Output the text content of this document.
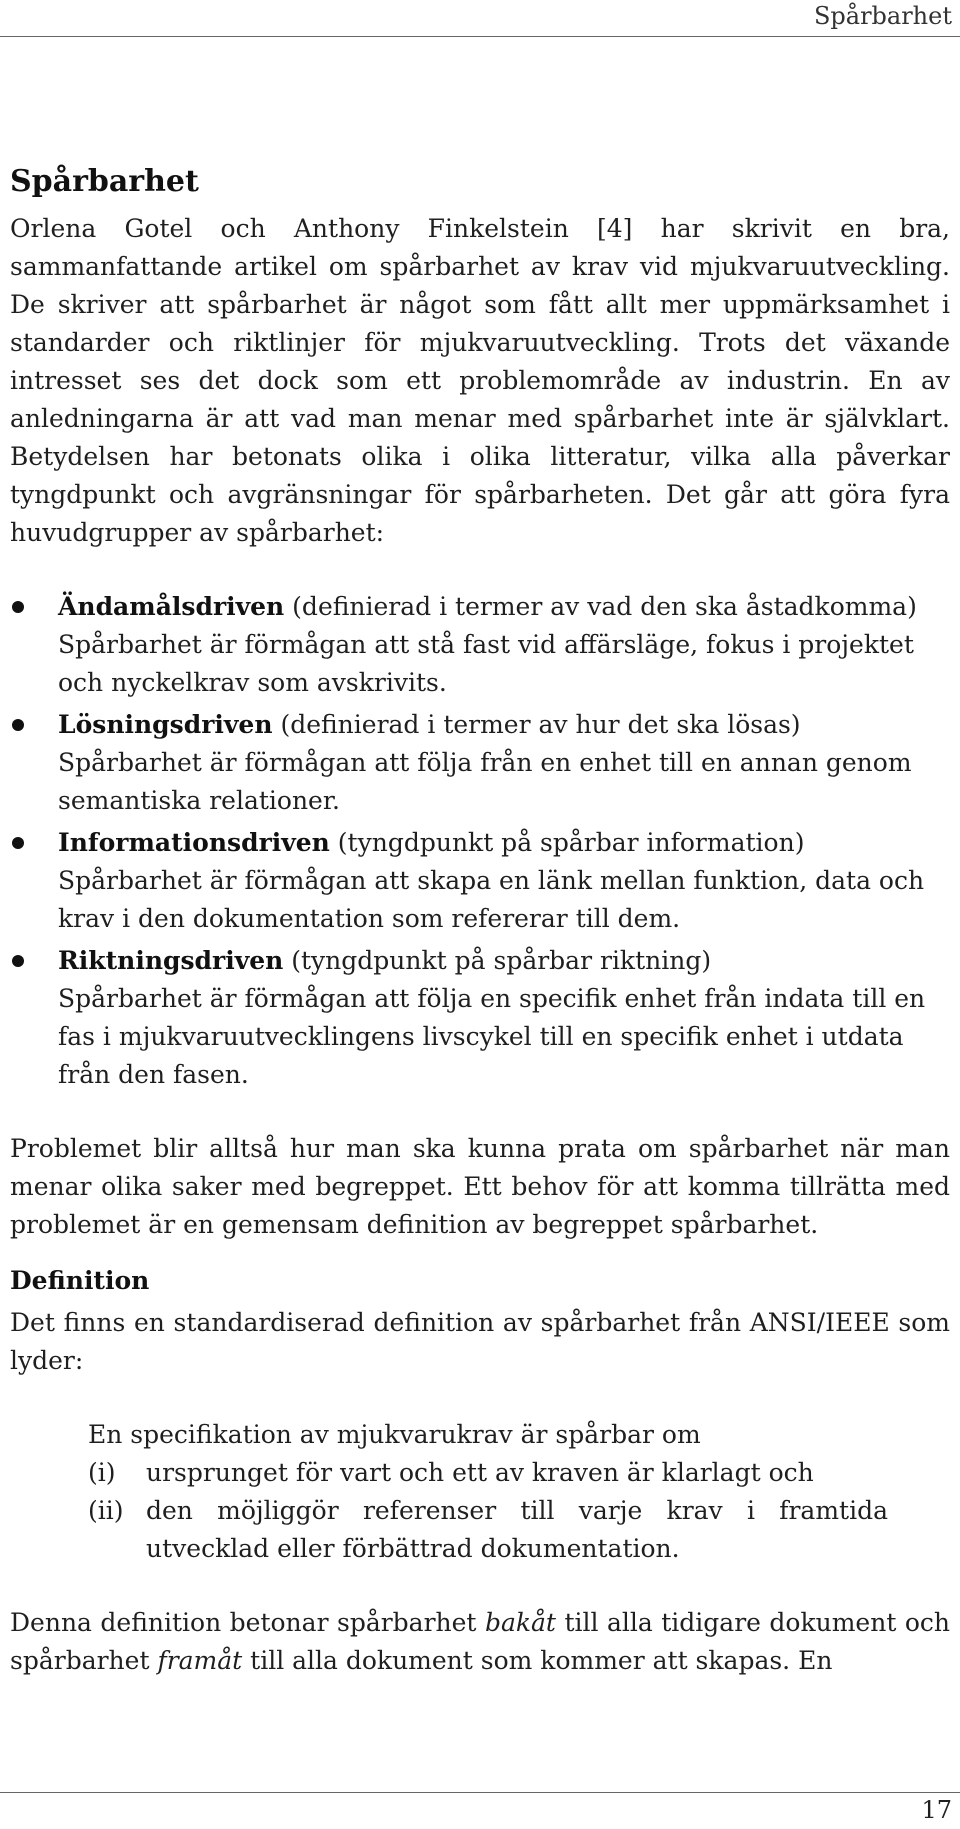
Spårbarhet
Spårbarhet

Orlena Gotel och Anthony Finkelstein [4] har skrivit en bra, sammanfattande artikel om spårbarhet av krav vid mjukvaruutveckling. De skriver att spårbarhet är något som fått allt mer uppmärksamhet i standarder och riktlinjer för mjukvaruutveckling. Trots det växande intresset ses det dock som ett problemområde av industrin. En av anledningarna är att vad man menar med spårbarhet inte är självklart. Betydelsen har betonats olika i olika litteratur, vilka alla påverkar tyngdpunkt och avgränsningar för spårbarheten. Det går att göra fyra huvudgrupper av spårbarhet:

Ändamålsdriven (definierad i termer av vad den ska åstadkomma)
Spårbarhet är förmågan att stå fast vid affärsläge, fokus i projektet och nyckelkrav som avskrivits.
Lösningsdriven (definierad i termer av hur det ska lösas)
Spårbarhet är förmågan att följa från en enhet till en annan genom semantiska relationer.
Informationsdriven (tyngdpunkt på spårbar information)
Spårbarhet är förmågan att skapa en länk mellan funktion, data och krav i den dokumentation som refererar till dem.
Riktningsdriven (tyngdpunkt på spårbar riktning)
Spårbarhet är förmågan att följa en specifik enhet från indata till en fas i mjukvaruutvecklingens livscykel till en specifik enhet i utdata från den fasen.

Problemet blir alltså hur man ska kunna prata om spårbarhet när man menar olika saker med begreppet. Ett behov för att komma tillrätta med problemet är en gemensam definition av begreppet spårbarhet.

Definition

Det finns en standardiserad definition av spårbarhet från ANSI/IEEE som lyder:

En specifikation av mjukvarukrav är spårbar om
(i)	ursprunget för vart och ett av kraven är klarlagt och
(ii) den möjliggör referenser till varje krav i framtida utvecklad eller förbättrad dokumentation.

Denna definition betonar spårbarhet bakåt till alla tidigare dokument och spårbarhet framåt till alla dokument som kommer att skapas. En

17
